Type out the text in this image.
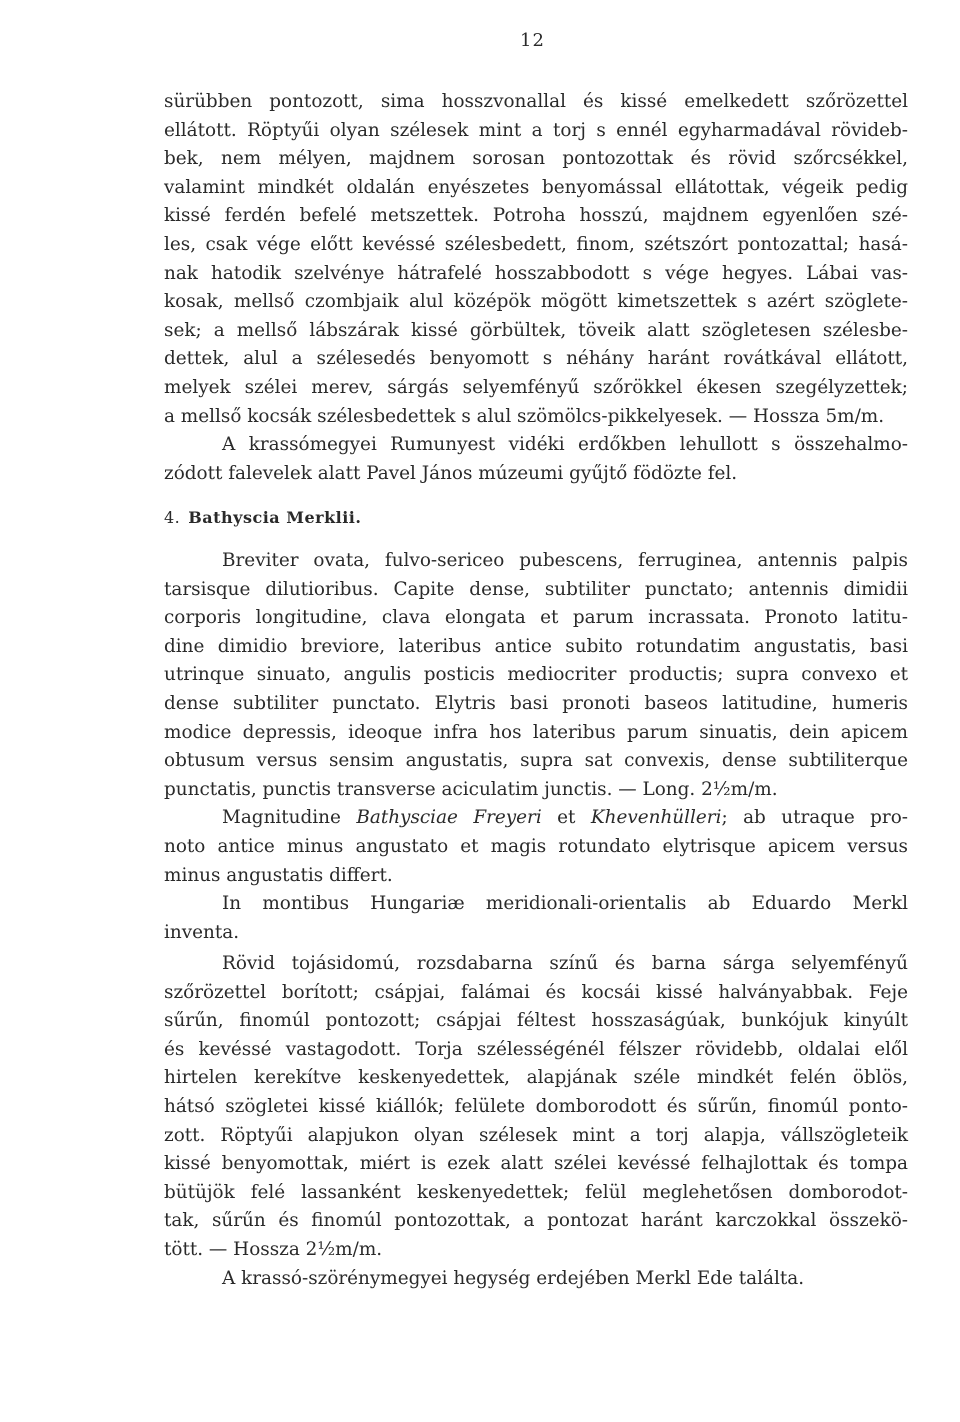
12
sürübben pontozott, sima hosszvonallal és kissé emelkedett szőrözettel
ellátott. Röptyűi olyan szélesek mint a torj s ennél egyharmadával rövideb-
bek, nem mélyen, majdnem sorosan pontozottak és rövid szőrcsékkel,
valamint mindkét oldalán enyészetes benyomással ellátottak, végeik pedig
kissé ferdén befelé metszettek. Potroha hosszú, majdnem egyenlően szé-
les, csak vége előtt kevéssé szélesbedett, finom, szétszórt pontozattal; hasá-
nak hatodik szelvénye hátrafelé hosszabbodott s vége hegyes. Lábai vas-
kosak, mellső czombjaik alul középök mögött kimetszettek s azért szöglete-
sek; a mellső lábszárak kissé görbültek, töveik alatt szögletesen szélesbe-
dettek, alul a szélesedés benyomott s néhány haránt rovátkával ellátott,
melyek szélei merev, sárgás selyemfényű szőrökkel ékesen szegélyzettek;
a mellső kocsák szélesbedettek s alul szömölcs-pikkelyesek. — Hossza 5m/m.
A krassómegyei Rumunyest vidéki erdőkben lehullott s összehalmo-
zódott falevelek alatt Pavel János múzeumi gyűjtő födözte fel.
4. Bathyscia Merklii.
Breviter ovata, fulvo-sericeo pubescens, ferruginea, antennis palpis
tarsisque dilutioribus. Capite dense, subtiliter punctato; antennis dimidii
corporis longitudine, clava elongata et parum incrassata. Pronoto latitu-
dine dimidio breviore, lateribus antice subito rotundatim angustatis, basi
utrinque sinuato, angulis posticis mediocriter productis; supra convexo et
dense subtiliter punctato. Elytris basi pronoti baseos latitudine, humeris
modice depressis, ideoque infra hos lateribus parum sinuatis, dein apicem
obtusum versus sensim angustatis, supra sat convexis, dense subtiliterque
punctatis, punctis transverse aciculatim junctis. — Long. 2½m/m.
Magnitudine Bathysciae Freyeri et Khevenhülleri; ab utraque pro-
noto antice minus angustato et magis rotundato elytrisque apicem versus
minus angustatis differt.
In montibus Hungariæ meridionali-orientalis ab Eduardo Merkl
inventa.
Rövid tojásidomú, rozsdabarna színű és barna sárga selyemfényű
szőrözettel borított; csápjai, falámai és kocsái kissé halványabbak. Feje
sűrűn, finomúl pontozott; csápjai féltest hosszaságúak, bunkójuk kinyúlt
és kevéssé vastagodott. Torja szélességénél félszer rövidebb, oldalai elől
hirtelen kerekítve keskenyedettek, alapjának széle mindkét felén öblös,
hátsó szögletei kissé kiállók; felülete domborodott és sűrűn, finomúl ponto-
zott. Röptyűi alapjukon olyan szélesek mint a torj alapja, vállszögleteik
kissé benyomottak, miért is ezek alatt szélei kevéssé felhajlottak és tompa
bütüjök felé lassanként keskenyedettek; felül meglehetősen domborodot-
tak, sűrűn és finomúl pontozottak, a pontozat haránt karczokkal összekö-
tött. — Hossza 2½m/m.
A krassó-szörénymegyei hegység erdejében Merkl Ede találta.
